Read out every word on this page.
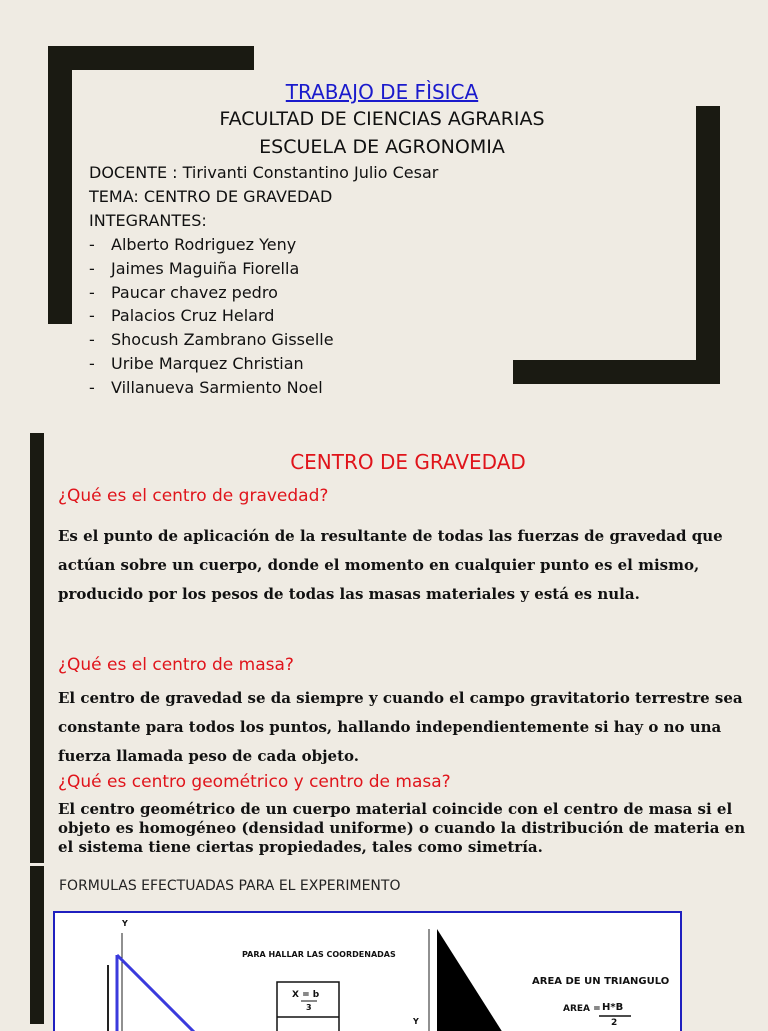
TRABAJO DE FÌSICA
FACULTAD DE CIENCIAS AGRARIAS
ESCUELA DE AGRONOMIA
DOCENTE : Tirivanti Constantino Julio Cesar
TEMA: CENTRO DE GRAVEDAD
INTEGRANTES:
- Alberto Rodriguez Yeny
- Jaimes Maguiña Fiorella
- Paucar chavez pedro
- Palacios Cruz Helard
- Shocush Zambrano Gisselle
- Uribe Marquez Christian
- Villanueva Sarmiento Noel
CENTRO DE GRAVEDAD
¿Qué es el centro de gravedad?
Es el punto de aplicación de la resultante de todas las fuerzas de gravedad que actúan sobre un cuerpo, donde el momento en cualquier punto es el mismo, producido por los pesos de todas las masas materiales y está es nula.
¿Qué es el centro de masa?
El centro de gravedad se da siempre y cuando el campo gravitatorio terrestre sea constante para todos los puntos, hallando independientemente si hay o no una fuerza llamada peso de cada objeto.
¿Qué es centro geométrico y centro de masa?
El centro geométrico de un cuerpo material coincide con el centro de masa si el objeto es homogéneo (densidad uniforme) o cuando la distribución de materia en el sistema tiene ciertas propiedades, tales como simetría.
FORMULAS EFECTUADAS PARA EL EXPERIMENTO
Y
Y
PARA HALLAR LAS COORDENADAS
X = b
3
AREA DE UN TRIANGULO
AREA = H*B
2
